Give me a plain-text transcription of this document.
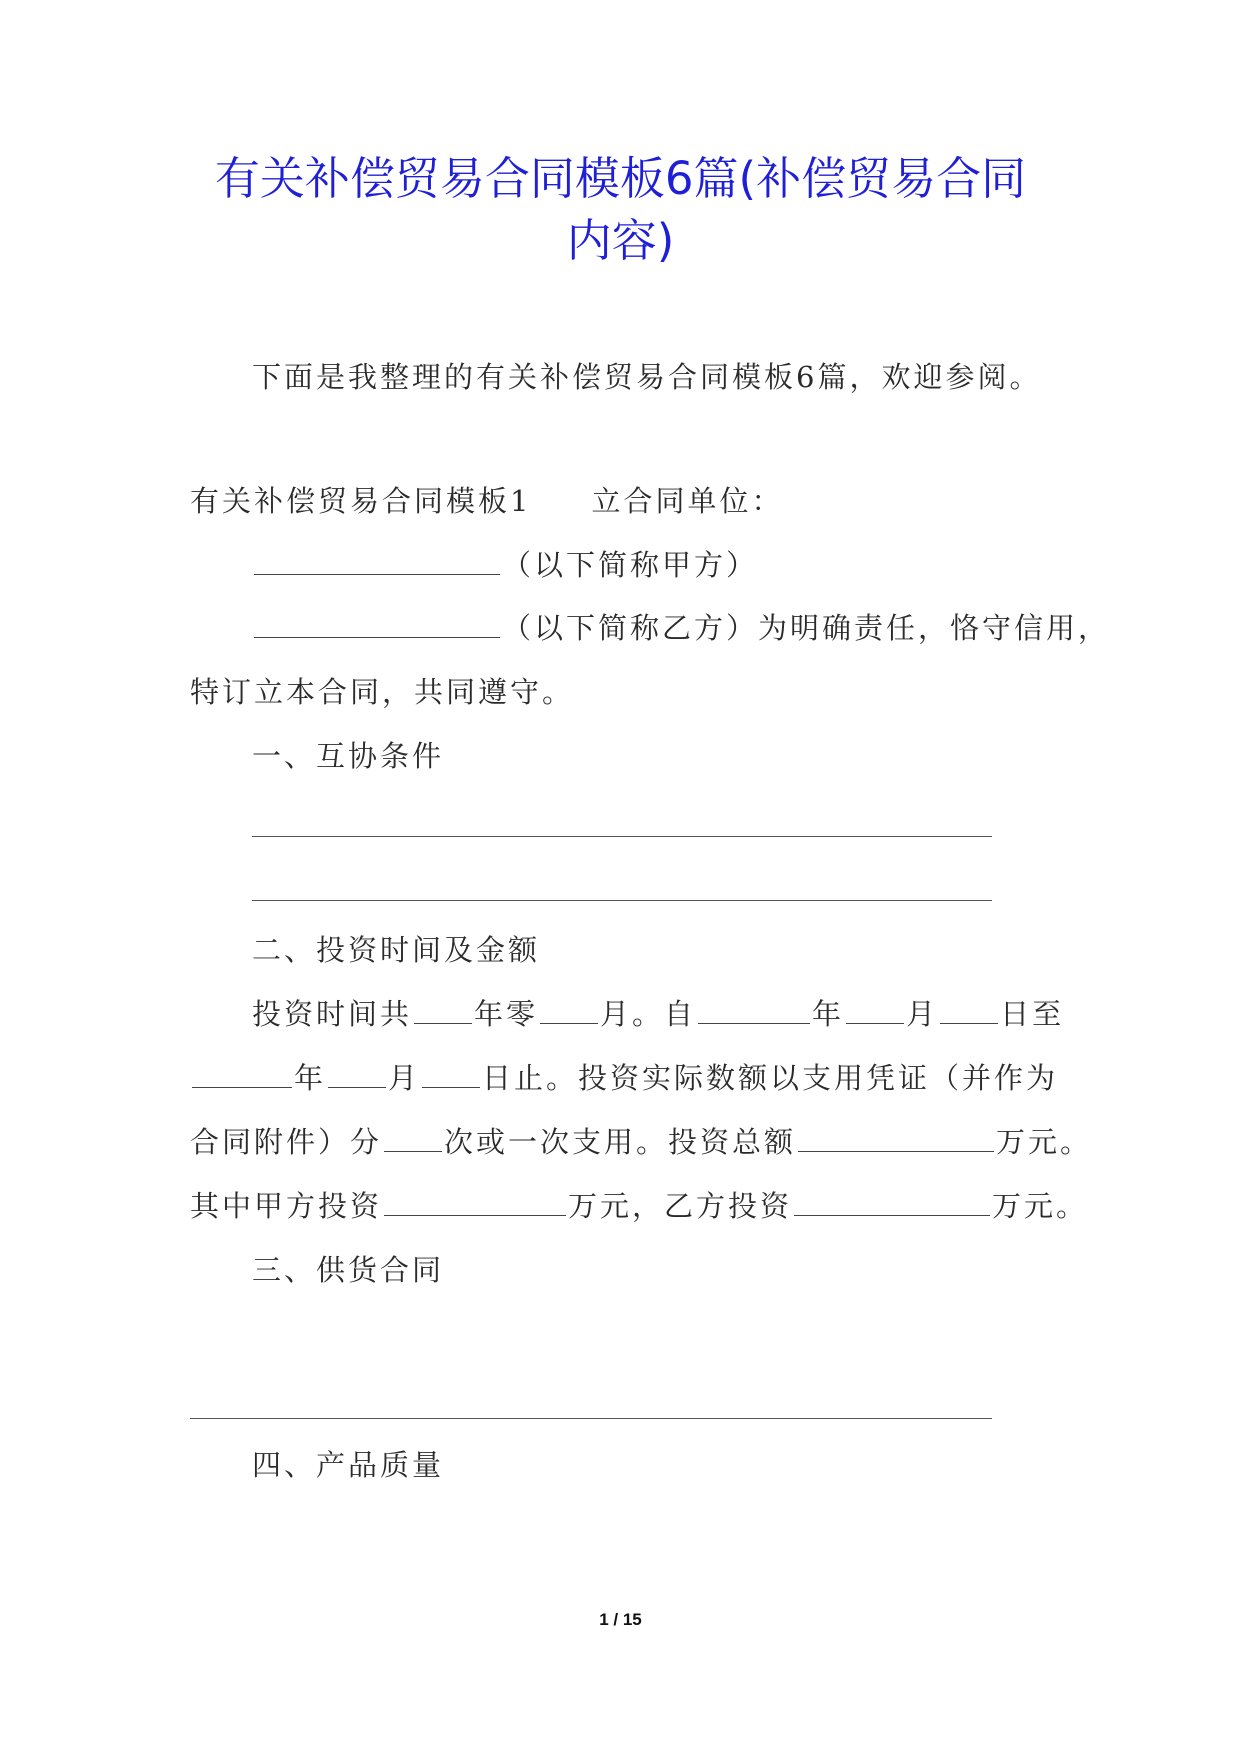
有关补偿贸易合同模板6篇(补偿贸易合同
内容)
下面是我整理的有关补偿贸易合同模板6篇，欢迎参阅。
有关补偿贸易合同模板1 立合同单位：
（以下简称甲方）
（以下简称乙方）为明确责任，恪守信用，
特订立本合同，共同遵守。
一、互协条件
二、投资时间及金额
投资时间共 年零 月。自	年 月 日至
年 月 日止。投资实际数额以支用凭证（并作为
合同附件）分 次或一次支用。投资总额	万元。
其中甲方投资	万元，乙方投资	万元。
三、供货合同
四、产品质量
1 / 15
